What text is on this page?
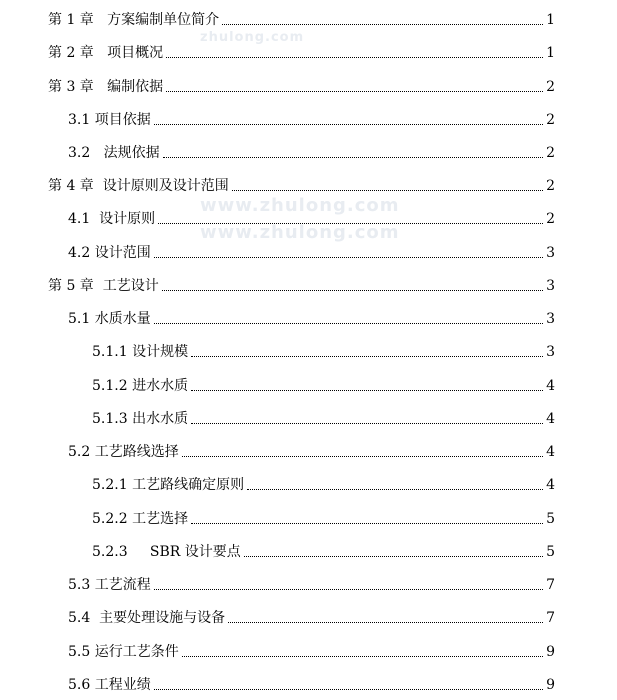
zhulong.com
www.zhulong.com
www.zhulong.com
第 1 章   方案编制单位简介	1
第 2 章   项目概况	1
第 3 章   编制依据	2
3.1 项目依据	2
3.2   法规依据	2
第 4 章  设计原则及设计范围	2
4.1  设计原则	2
4.2 设计范围	3
第 5 章  工艺设计	3
5.1 水质水量	3
5.1.1 设计规模	3
5.1.2 进水水质	4
5.1.3 出水水质	4
5.2 工艺路线选择	4
5.2.1 工艺路线确定原则	4
5.2.2 工艺选择	5
5.2.3     SBR 设计要点	5
5.3 工艺流程	7
5.4  主要处理设施与设备	7
5.5 运行工艺条件	9
5.6 工程业绩	9
